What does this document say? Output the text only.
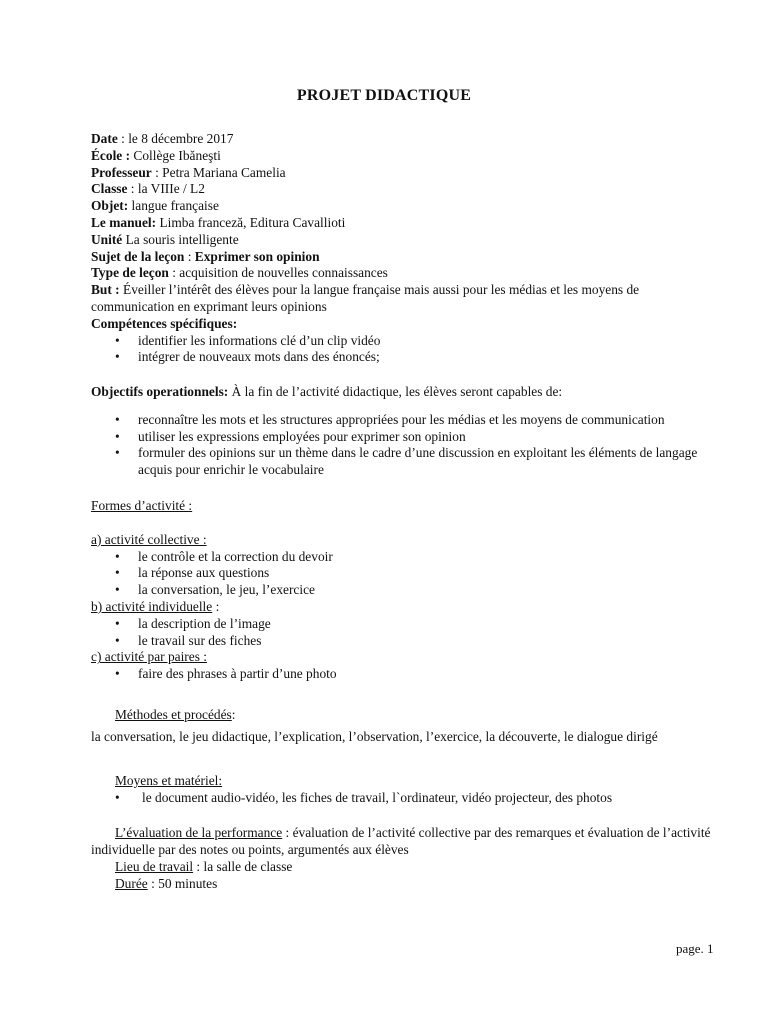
PROJET DIDACTIQUE
Date : le 8 décembre 2017
École : Collège Ibăneşti
Professeur : Petra Mariana Camelia
Classe : la VIIIe / L2
Objet: langue française
Le manuel: Limba franceză, Editura Cavallioti
Unité La souris intelligente
Sujet de la leçon : Exprimer son opinion
Type de leçon : acquisition de nouvelles connaissances
But : Éveiller l’intérêt des élèves pour la langue française mais aussi pour les médias et les moyens de communication en exprimant leurs opinions
Compétences spécifiques:
• identifier les informations clé d’un clip vidéo
• intégrer de nouveaux mots dans des énoncés;
Objectifs operationnels: À la fin de l’activité didactique, les élèves seront capables de:
• reconnaître les mots et les structures appropriées pour les médias et les moyens de communication
• utiliser les expressions employées pour exprimer son opinion
• formuler des opinions sur un thème dans le cadre d’une discussion en exploitant les éléments de langage acquis pour enrichir le vocabulaire
Formes d’activité :
a) activité collective :
• le contrôle et la correction du devoir
• la réponse aux questions
• la conversation, le jeu, l’exercice
b) activité individuelle :
• la description de l’image
• le travail sur des fiches
c) activité par paires :
• faire des phrases à partir d’une photo
Méthodes et procédés:
la conversation, le jeu didactique, l’explication, l’observation, l’exercice, la découverte, le dialogue dirigé
Moyens et matériel:
• le document audio-vidéo, les fiches de travail, l`ordinateur, vidéo projecteur, des photos
L’évaluation de la performance : évaluation de l’activité collective par des remarques et évaluation de l’activité individuelle par des notes ou points, argumentés aux élèves
Lieu de travail : la salle de classe
Durée : 50 minutes
page. 1
